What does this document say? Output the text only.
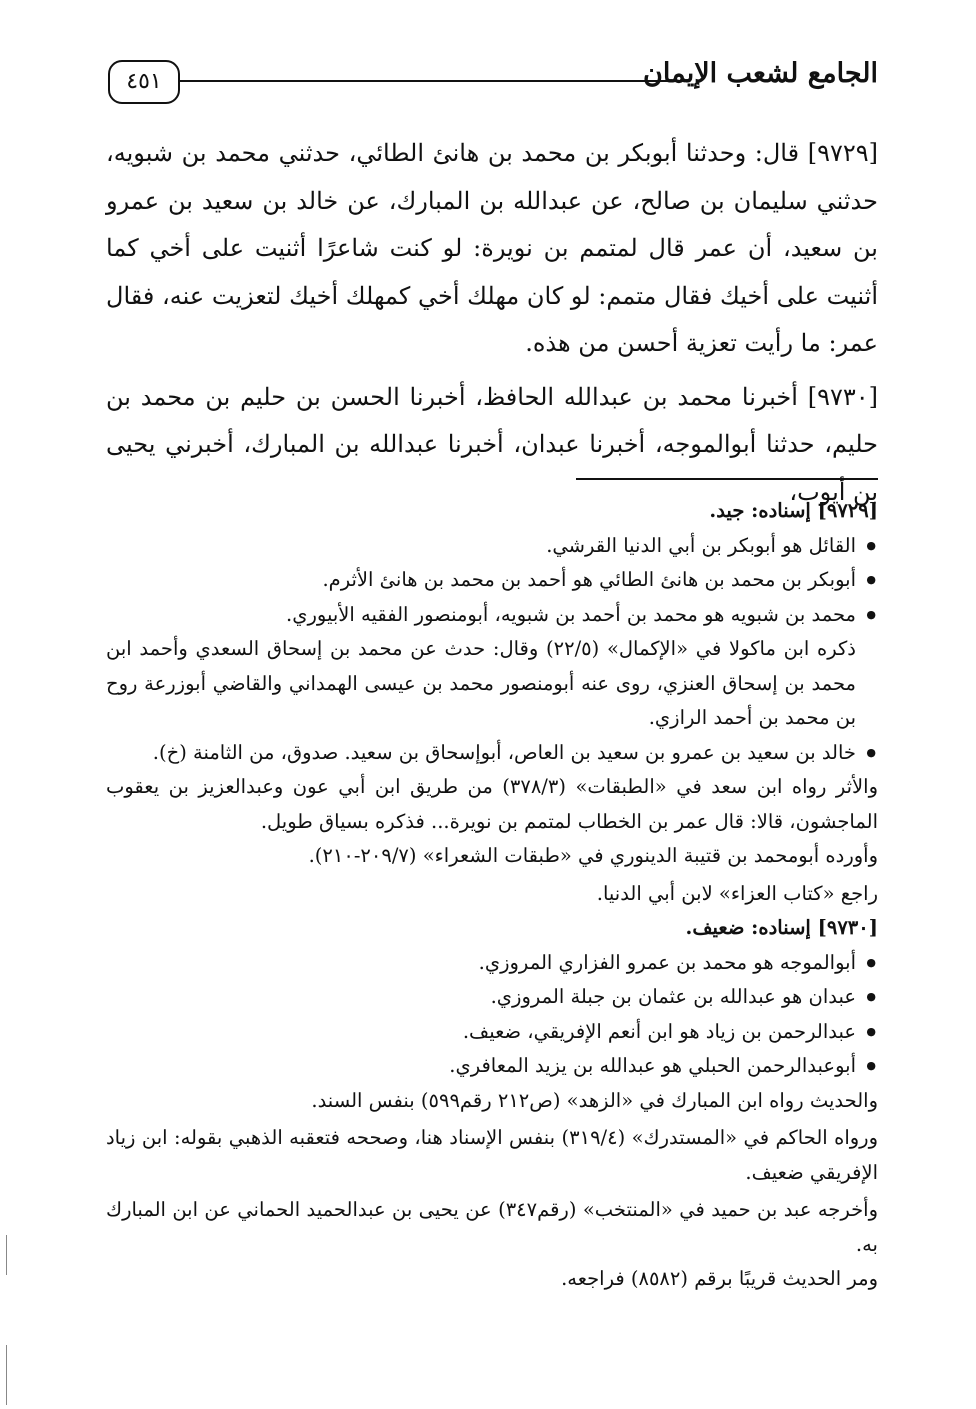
٤٥١	الجامع لشعب الإيمان

[٩٧٢٩] قال: وحدثنا أبوبكر بن محمد بن هانئ الطائي، حدثني محمد بن شبويه، حدثني سليمان بن صالح، عن عبدالله بن المبارك، عن خالد بن سعيد بن عمرو بن سعيد، أن عمر قال لمتمم بن نويرة: لو كنت شاعرًا أثنيت على أخي كما أثنيت على أخيك فقال متمم: لو كان مهلك أخي كمهلك أخيك لتعزيت عنه، فقال عمر: ما رأيت تعزية أحسن من هذه.

[٩٧٣٠] أخبرنا محمد بن عبدالله الحافظ، أخبرنا الحسن بن حليم بن محمد بن حليم، حدثنا أبوالموجه، أخبرنا عبدان، أخبرنا عبدالله بن المبارك، أخبرني يحيى بن أيوب،

[٩٧٢٩] إسناده: جيد.

● القائل هو أبوبكر بن أبي الدنيا القرشي.
● أبوبكر بن محمد بن هانئ الطائي هو أحمد بن محمد بن هانئ الأثرم.
● محمد بن شبويه هو محمد بن أحمد بن شبويه، أبومنصور الفقيه الأبيوري.

ذكره ابن ماكولا في «الإكمال» (٢٢/٥) وقال: حدث عن محمد بن إسحاق السعدي وأحمد ابن محمد بن إسحاق العنزي، روى عنه أبومنصور محمد بن عيسى الهمداني والقاضي أبوزرعة روح بن محمد بن أحمد الرازي.

● خالد بن سعيد بن عمرو بن سعيد بن العاص، أبوإسحاق بن سعيد. صدوق، من الثامنة (خ).

والأثر رواه ابن سعد في «الطبقات» (٣٧٨/٣) من طريق ابن أبي عون وعبدالعزيز بن يعقوب الماجشون، قالا: قال عمر بن الخطاب لمتمم بن نويرة... فذكره بسياق طويل.

وأورده أبومحمد بن قتيبة الدينوري في «طبقات الشعراء» (٢٠٩/٧-٢١٠).

راجع «كتاب العزاء» لابن أبي الدنيا.

[٩٧٣٠] إسناده: ضعيف.

● أبوالموجه هو محمد بن عمرو الفزاري المروزي.
● عبدان هو عبدالله بن عثمان بن جبلة المروزي.
● عبدالرحمن بن زياد هو ابن أنعم الإفريقي، ضعيف.
● أبوعبدالرحمن الحبلي هو عبدالله بن يزيد المعافري.

والحديث رواه ابن المبارك في «الزهد» (ص٢١٢ رقم٥٩٩) بنفس السند.

ورواه الحاكم في «المستدرك» (٣١٩/٤) بنفس الإسناد هنا، وصححه فتعقبه الذهبي بقوله: ابن زياد الإفريقي ضعيف.

وأخرجه عبد بن حميد في «المنتخب» (رقم٣٤٧) عن يحيى بن عبدالحميد الحماني عن ابن المبارك به.

ومر الحديث قريبًا برقم (٨٥٨٢) فراجعه.
